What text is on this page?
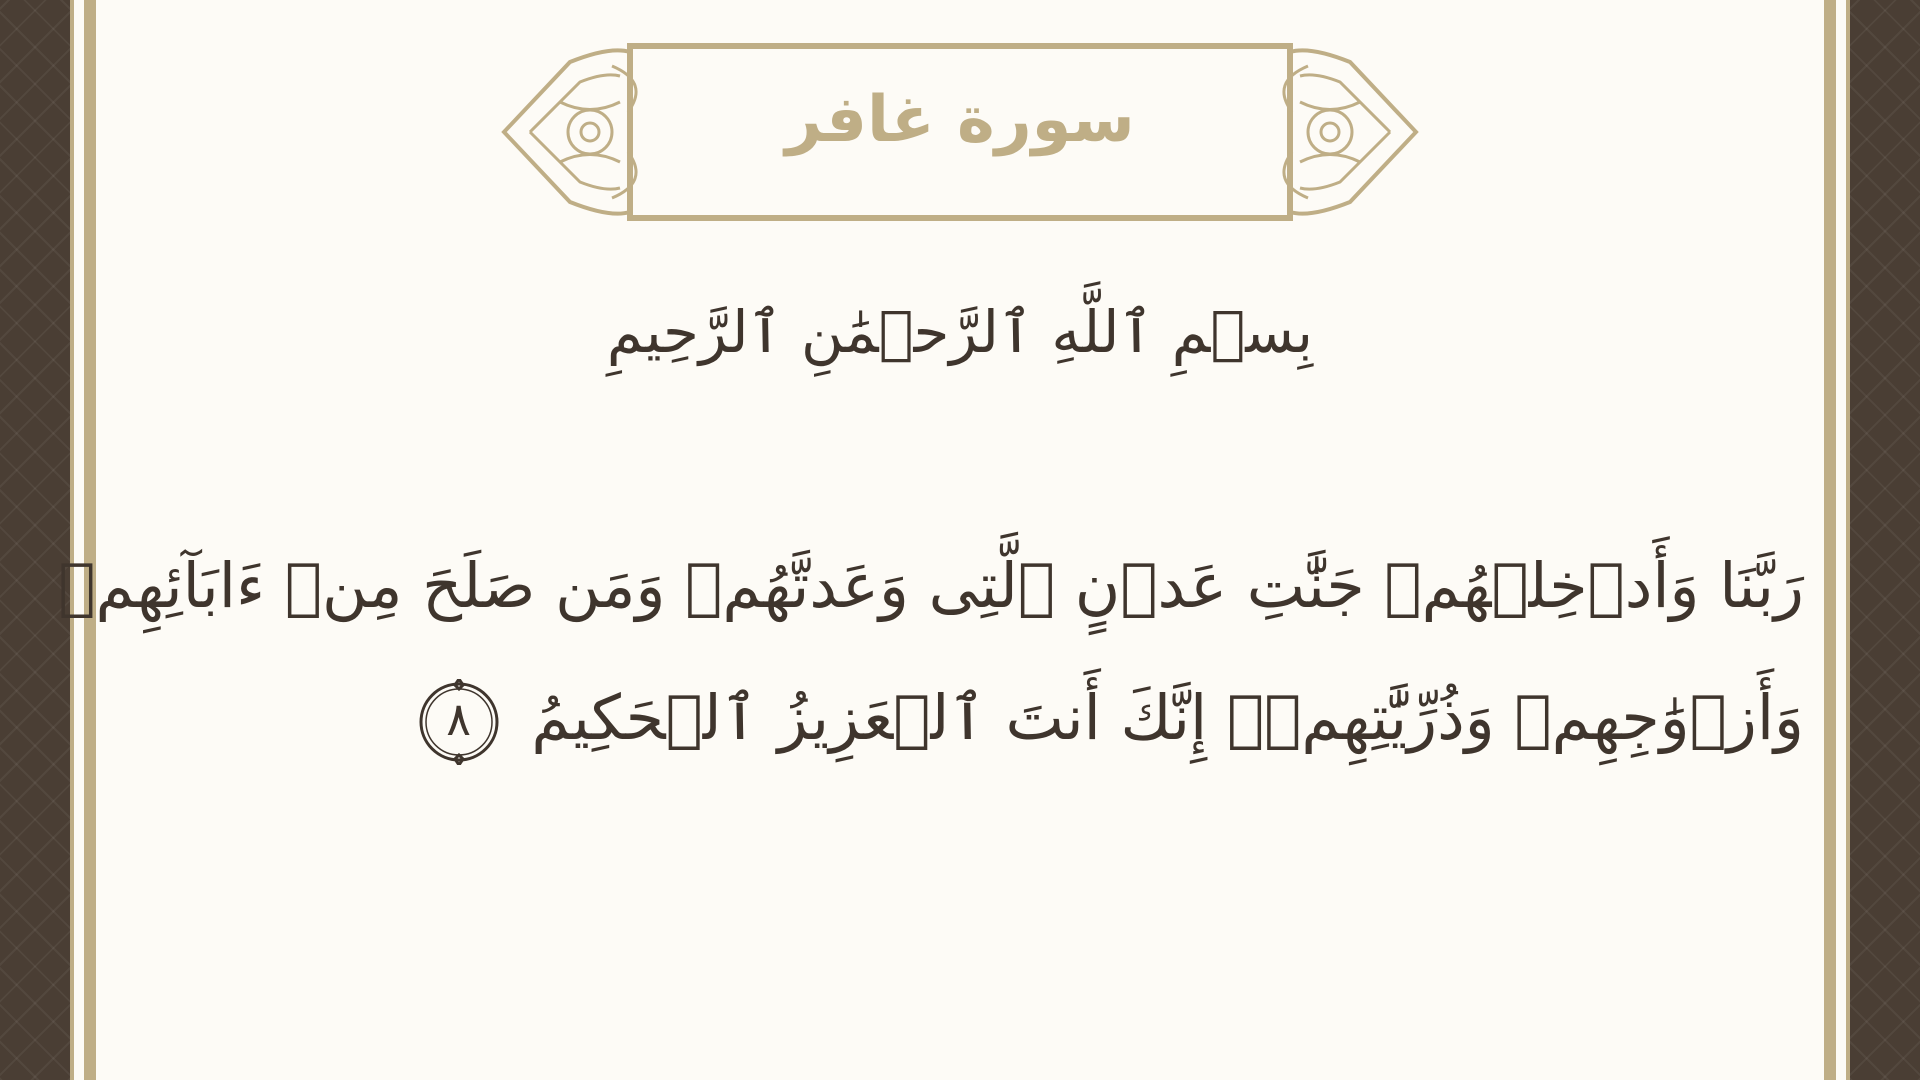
سورة غافر
بِسۡمِ ٱللَّهِ ٱلرَّحۡمَٰنِ ٱلرَّحِيمِ
رَبَّنَا وَأَدۡخِلۡهُمۡ جَنَّٰتِ عَدۡنٍ ٱلَّتِى وَعَدتَّهُمۡ وَمَن صَلَحَ مِنۡ ءَابَآئِهِمۡ
وَأَزۡوَٰجِهِمۡ وَذُرِّيَّٰتِهِمۡۚ إِنَّكَ أَنتَ ٱلۡعَزِيزُ ٱلۡحَكِيمُ
٨
